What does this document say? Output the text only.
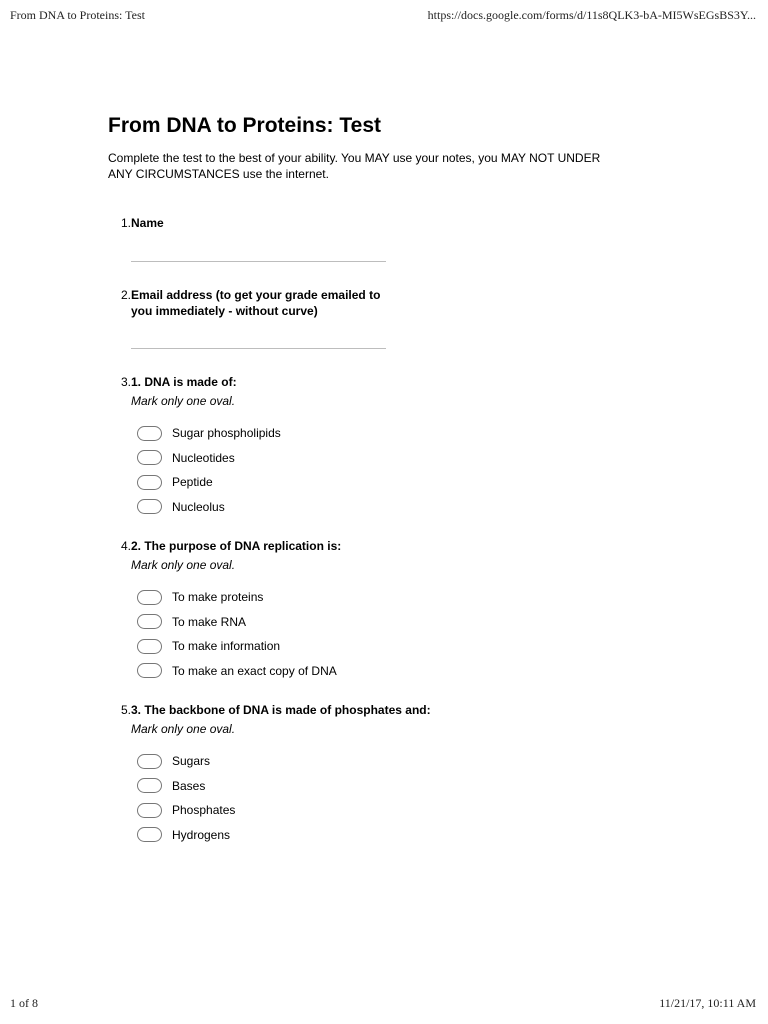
From DNA to Proteins: Test	https://docs.google.com/forms/d/11s8QLK3-bA-MI5WsEGsBS3Y...
From DNA to Proteins: Test

Complete the test to the best of your ability. You MAY use your notes, you MAY NOT UNDER ANY CIRCUMSTANCES use the internet.

1. Name
2. Email address (to get your grade emailed to you immediately - without curve)
3. 1. DNA is made of:
Mark only one oval.
Sugar phospholipids
Nucleotides
Peptide
Nucleolus
4. 2. The purpose of DNA replication is:
Mark only one oval.
To make proteins
To make RNA
To make information
To make an exact copy of DNA
5. 3. The backbone of DNA is made of phosphates and:
Mark only one oval.
Sugars
Bases
Phosphates
Hydrogens
1 of 8	11/21/17, 10:11 AM
